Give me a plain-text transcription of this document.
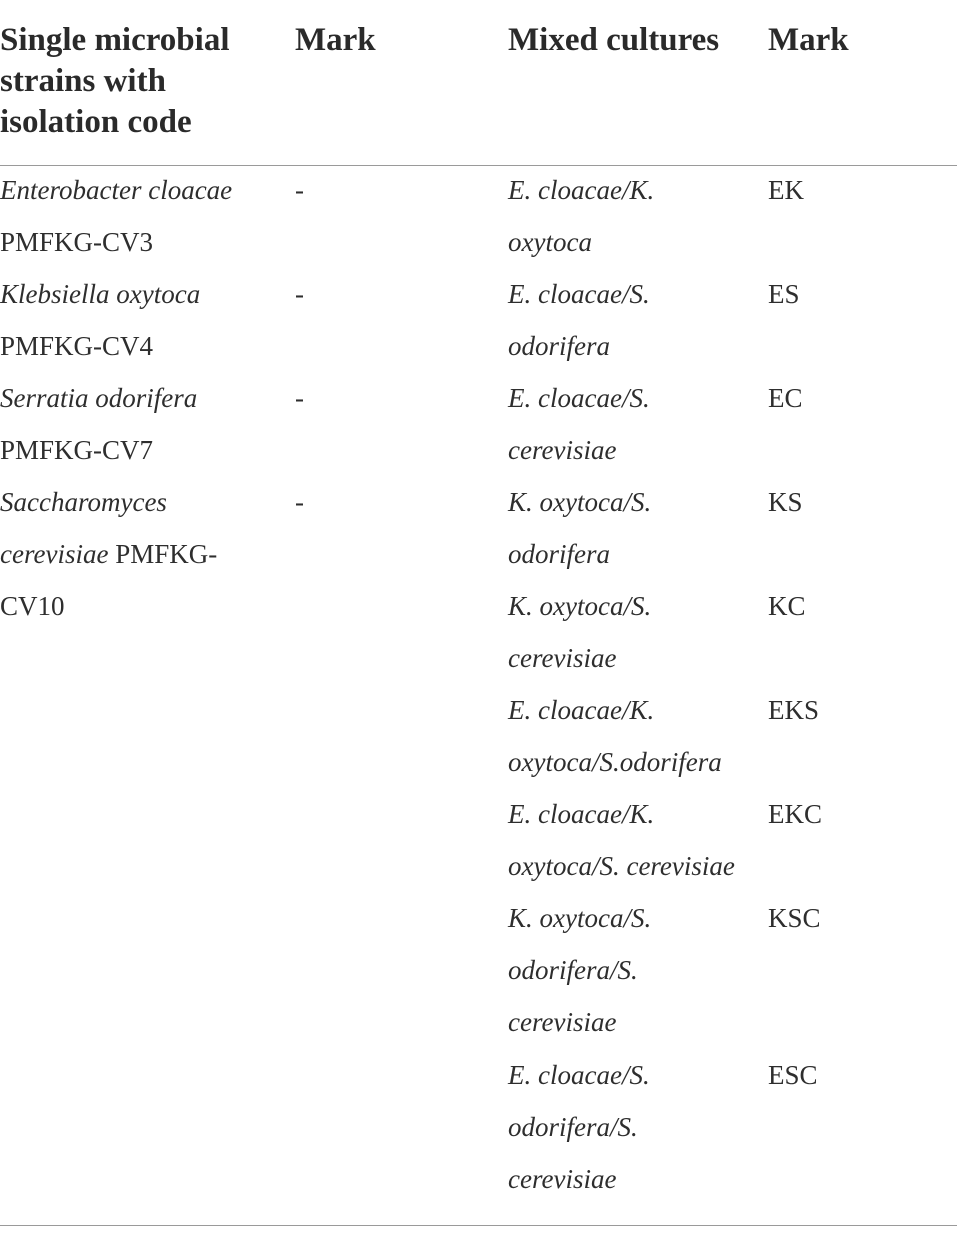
Single microbial strains with isolation code
Mark	Mixed cultures Mark
Enterobacter cloacae
PMFKG-CV3
Klebsiella oxytoca
PMFKG-CV4
Serratia odorifera
PMFKG-CV7
Saccharomyces
cerevisiae PMFKG-
CV10
-
-
-
-
E. cloacae/K.
oxytoca
EK
E. cloacae/S.
odorifera
ES
E. cloacae/S.
cerevisiae
EC
K. oxytoca/S.
odorifera
KS
K. oxytoca/S.
cerevisiae
KC
E. cloacae/K.
oxytoca/S.odorifera
EKS
E. cloacae/K.
oxytoca/S. cerevisiae
EKC
K. oxytoca/S.
odorifera/S.
cerevisiae
KSC
E. cloacae/S.
odorifera/S.
cerevisiae
ESC
